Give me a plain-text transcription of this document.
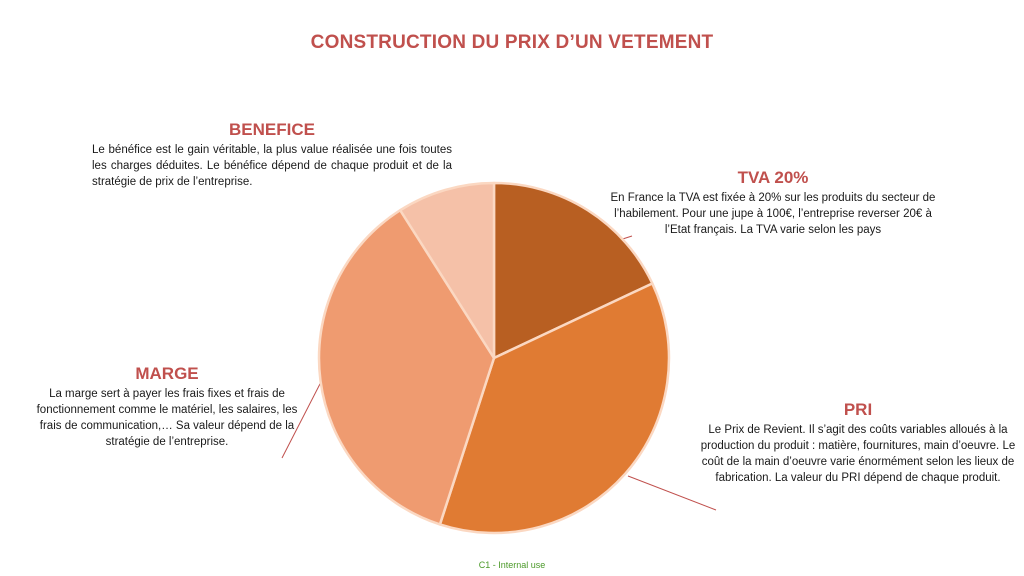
CONSTRUCTION DU PRIX D’UN VETEMENT
BENEFICE
Le bénéfice est le gain véritable, la plus value réalisée une fois toutes les charges déduites. Le bénéfice dépend de chaque produit et de la stratégie de prix de l’entreprise.	TVA 20%
En France la TVA est fixée à 20% sur les produits du secteur de l’habilement. Pour une jupe à 100€, l’entreprise reverser 20€ à l’Etat français. La TVA varie selon les pays
MARGE
La marge sert à payer les frais fixes et frais de fonctionnement comme le matériel, les salaires, les frais de communication,… Sa valeur dépend de la stratégie de l’entreprise.
PRI
Le Prix de Revient. Il s’agit des coûts variables alloués à la production du produit : matière, fournitures, main d’oeuvre. Le coût de la main d’oeuvre varie énormément selon les lieux de fabrication. La valeur du PRI dépend de chaque produit.
C1 - Internal use
